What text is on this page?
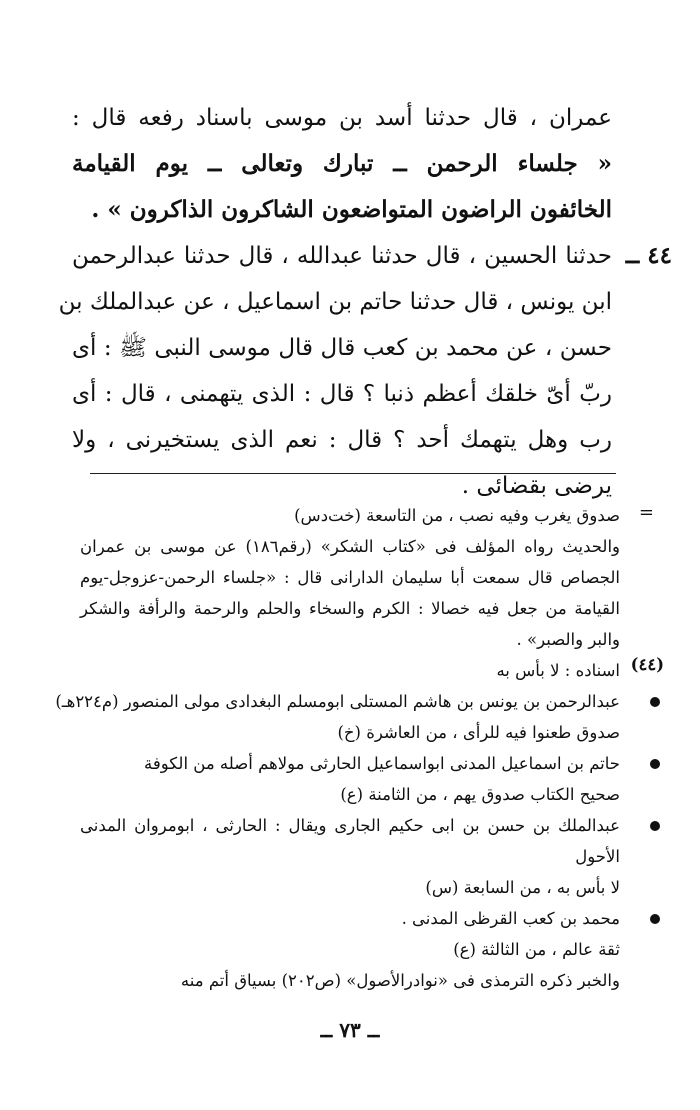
عمران ، قال حدثنا أسد بن موسى باسناد رفعه قال :
« جلساء الرحمن ــ تبارك وتعالى ــ يوم القيامة
الخائفون الراضون المتواضعون الشاكرون الذاكرون » .
٤٤ ــ
حدثنا الحسين ، قال حدثنا عبدالله ، قال حدثنا عبدالرحمن
ابن يونس ، قال حدثنا حاتم بن اسماعيل ، عن عبدالملك بن
حسن ، عن محمد بن كعب قال قال موسى النبى ﷺ : أى
ربّ أىّ خلقك أعظم ذنبا ؟ قال : الذى يتهمنى ، قال : أى
رب وهل يتهمك أحد ؟ قال : نعم الذى يستخيرنى ، ولا
يرضى بقضائى .
=
صدوق يغرب وفيه نصب ، من التاسعة (خت‌دس)
والحديث رواه المؤلف فى «كتاب الشكر» (رقم١٨٦) عن موسى بن عمران
الجصاص قال سمعت أبا سليمان الدارانى قال : «جلساء الرحمن-عزوجل-يوم
القيامة من جعل فيه خصالا : الكرم والسخاء والحلم والرحمة والرأفة والشكر
والبر والصبر» .
(٤٤)
اسناده : لا بأس به
عبدالرحمن بن يونس بن هاشم المستلى ابومسلم البغدادى مولى المنصور (م٢٢٤هـ)
صدوق طعنوا فيه للرأى ، من العاشرة (خ)
حاتم بن اسماعيل المدنى ابواسماعيل الحارثى مولاهم أصله من الكوفة
صحيح الكتاب صدوق يهم ، من الثامنة (ع)
عبدالملك بن حسن بن ابى حكيم الجارى ويقال : الحارثى ، ابومروان المدنى
الأحول
لا بأس به ، من السابعة (س)
محمد بن كعب القرظى المدنى .
ثقة عالم ، من الثالثة (ع)
والخبر ذكره الترمذى فى «نوادرالأصول» (ص٢٠٢) بسياق أتم منه
ــ ٧٣ ــ
